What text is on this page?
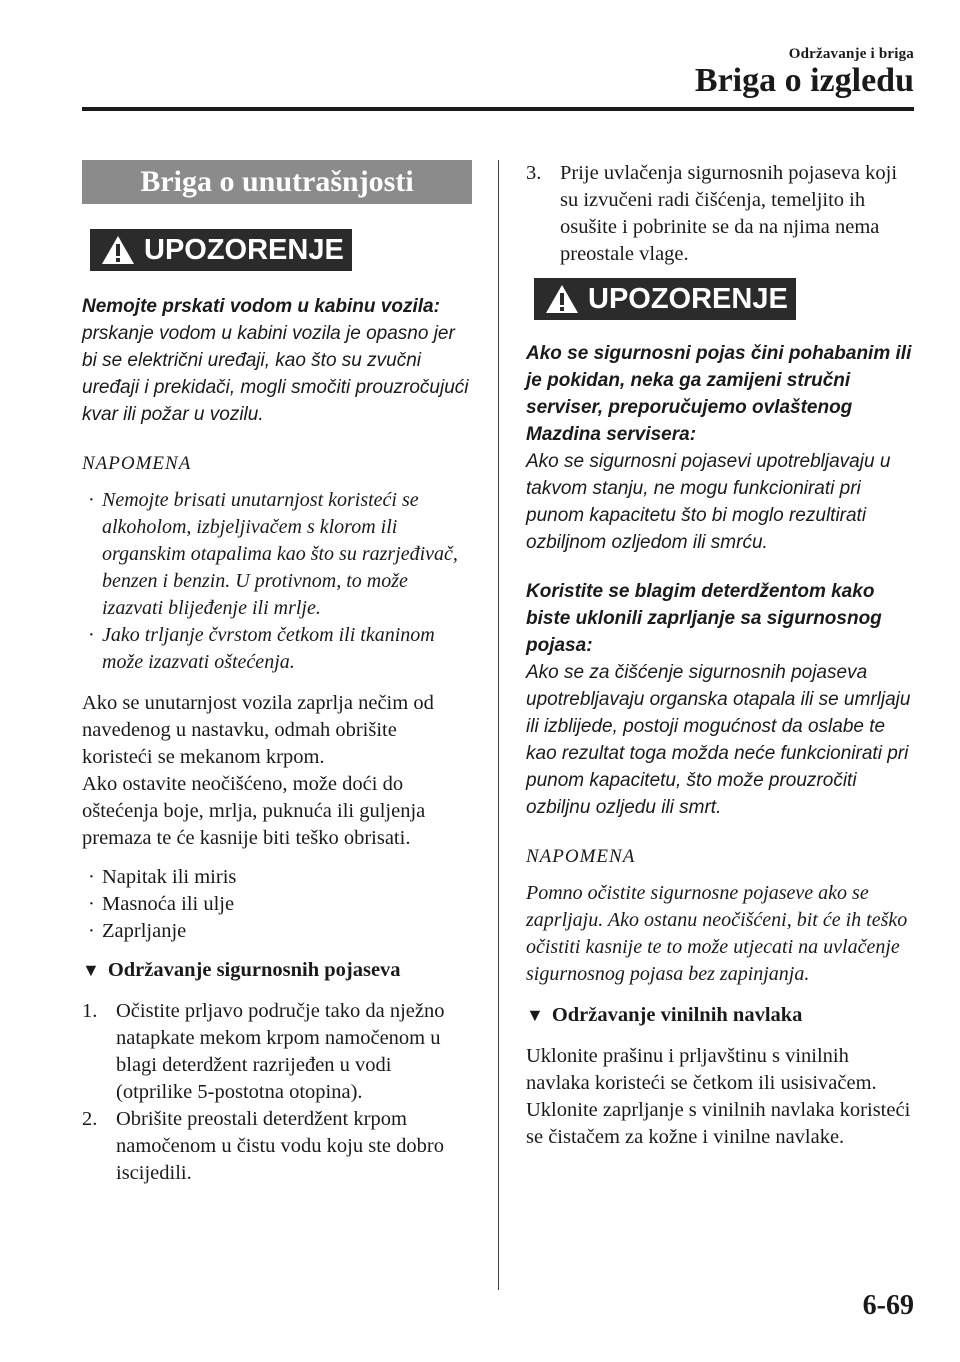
Održavanje i briga
Briga o izgledu
Briga o unutrašnjosti
UPOZORENJE

Nemojte prskati vodom u kabinu vozila:
prskanje vodom u kabini vozila je opasno jer bi se električni uređaji, kao što su zvučni uređaji i prekidači, mogli smočiti prouzročujući kvar ili požar u vozilu.

NAPOMENA
· Nemojte brisati unutarnjost koristeći se alkoholom, izbjeljivačem s klorom ili organskim otapalima kao što su razrjeđivač, benzen i benzin. U protivnom, to može izazvati blijeđenje ili mrlje.
· Jako trljanje čvrstom četkom ili tkaninom može izazvati oštećenja.

Ako se unutarnjost vozila zaprlja nečim od navedenog u nastavku, odmah obrišite koristeći se mekanom krpom.

Ako ostavite neočišćeno, može doći do oštećenja boje, mrlja, puknuća ili guljenja premaza te će kasnije biti teško obrisati.

· Napitak ili miris
· Masnoća ili ulje
· Zaprljanje
▼ Održavanje sigurnosnih pojaseva
1. Očistite prljavo područje tako da nježno natapkate mekom krpom namočenom u blagi deterdžent razrijeđen u vodi (otprilike 5-postotna otopina).
2. Obrišite preostali deterdžent krpom namočenom u čistu vodu koju ste dobro iscijedili.
3. Prije uvlačenja sigurnosnih pojaseva koji su izvučeni radi čišćenja, temeljito ih osušite i pobrinite se da na njima nema preostale vlage.
UPOZORENJE

Ako se sigurnosni pojas čini pohabanim ili je pokidan, neka ga zamijeni stručni serviser, preporučujemo ovlaštenog Mazdina servisera:
Ako se sigurnosni pojasevi upotrebljavaju u takvom stanju, ne mogu funkcionirati pri punom kapacitetu što bi moglo rezultirati ozbiljnom ozljedom ili smrću.

Koristite se blagim deterdžentom kako biste uklonili zaprljanje sa sigurnosnog pojasa:
Ako se za čišćenje sigurnosnih pojaseva upotrebljavaju organska otapala ili se umrljaju ili izblijede, postoji mogućnost da oslabe te kao rezultat toga možda neće funkcionirati pri punom kapacitetu, što može prouzročiti ozbiljnu ozljedu ili smrt.

NAPOMENA

Pomno očistite sigurnosne pojaseve ako se zaprljaju. Ako ostanu neočišćeni, bit će ih teško očistiti kasnije te to može utjecati na uvlačenje sigurnosnog pojasa bez zapinjanja.

▼ Održavanje vinilnih navlaka

Uklonite prašinu i prljavštinu s vinilnih navlaka koristeći se četkom ili usisivačem.

Uklonite zaprljanje s vinilnih navlaka koristeći se čistačem za kožne i vinilne navlake.

6-69
